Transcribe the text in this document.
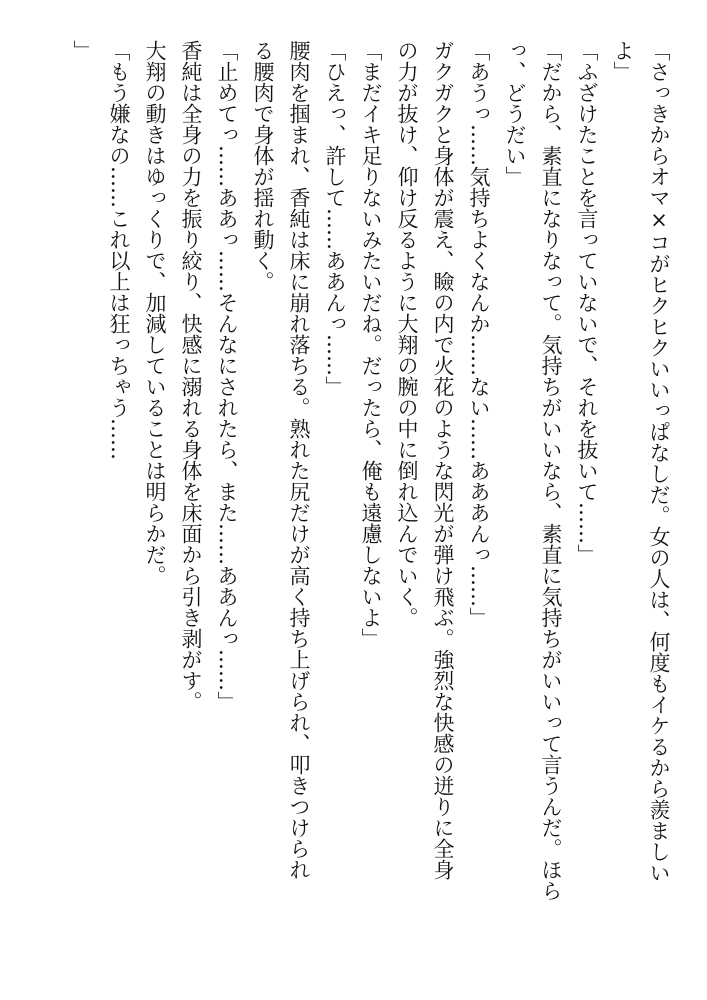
「さっきからオマ×コがヒクヒクいいっぱなしだ。女の人は、何度もイケるから羨ましい

よ」

「ふざけたことを言っていないで、それを抜いて……」

「だから、素直になりなって。気持ちがいいなら、素直に気持ちがいいって言うんだ。ほら

っ、どうだい」

「あうっ……気持ちよくなんか……ない……あああんっ……」

ガクガクと身体が震え、瞼の内で火花のような閃光が弾け飛ぶ。強烈な快感の迸りに全身

の力が抜け、仰け反るように大翔の腕の中に倒れ込んでいく。

「まだイキ足りないみたいだね。だったら、俺も遠慮しないよ」

「ひえっ、許して……ああんっ……」

腰肉を掴まれ、香純は床に崩れ落ちる。熟れた尻だけが高く持ち上げられ、叩きつけられ

る腰肉で身体が揺れ動く。

「止めてっ……ああっ……そんなにされたら、また……ああんっ……」

香純は全身の力を振り絞り、快感に溺れる身体を床面から引き剥がす。

大翔の動きはゆっくりで、加減していることは明らかだ。

「もう嫌なの……これ以上は狂っちゃう……

」
